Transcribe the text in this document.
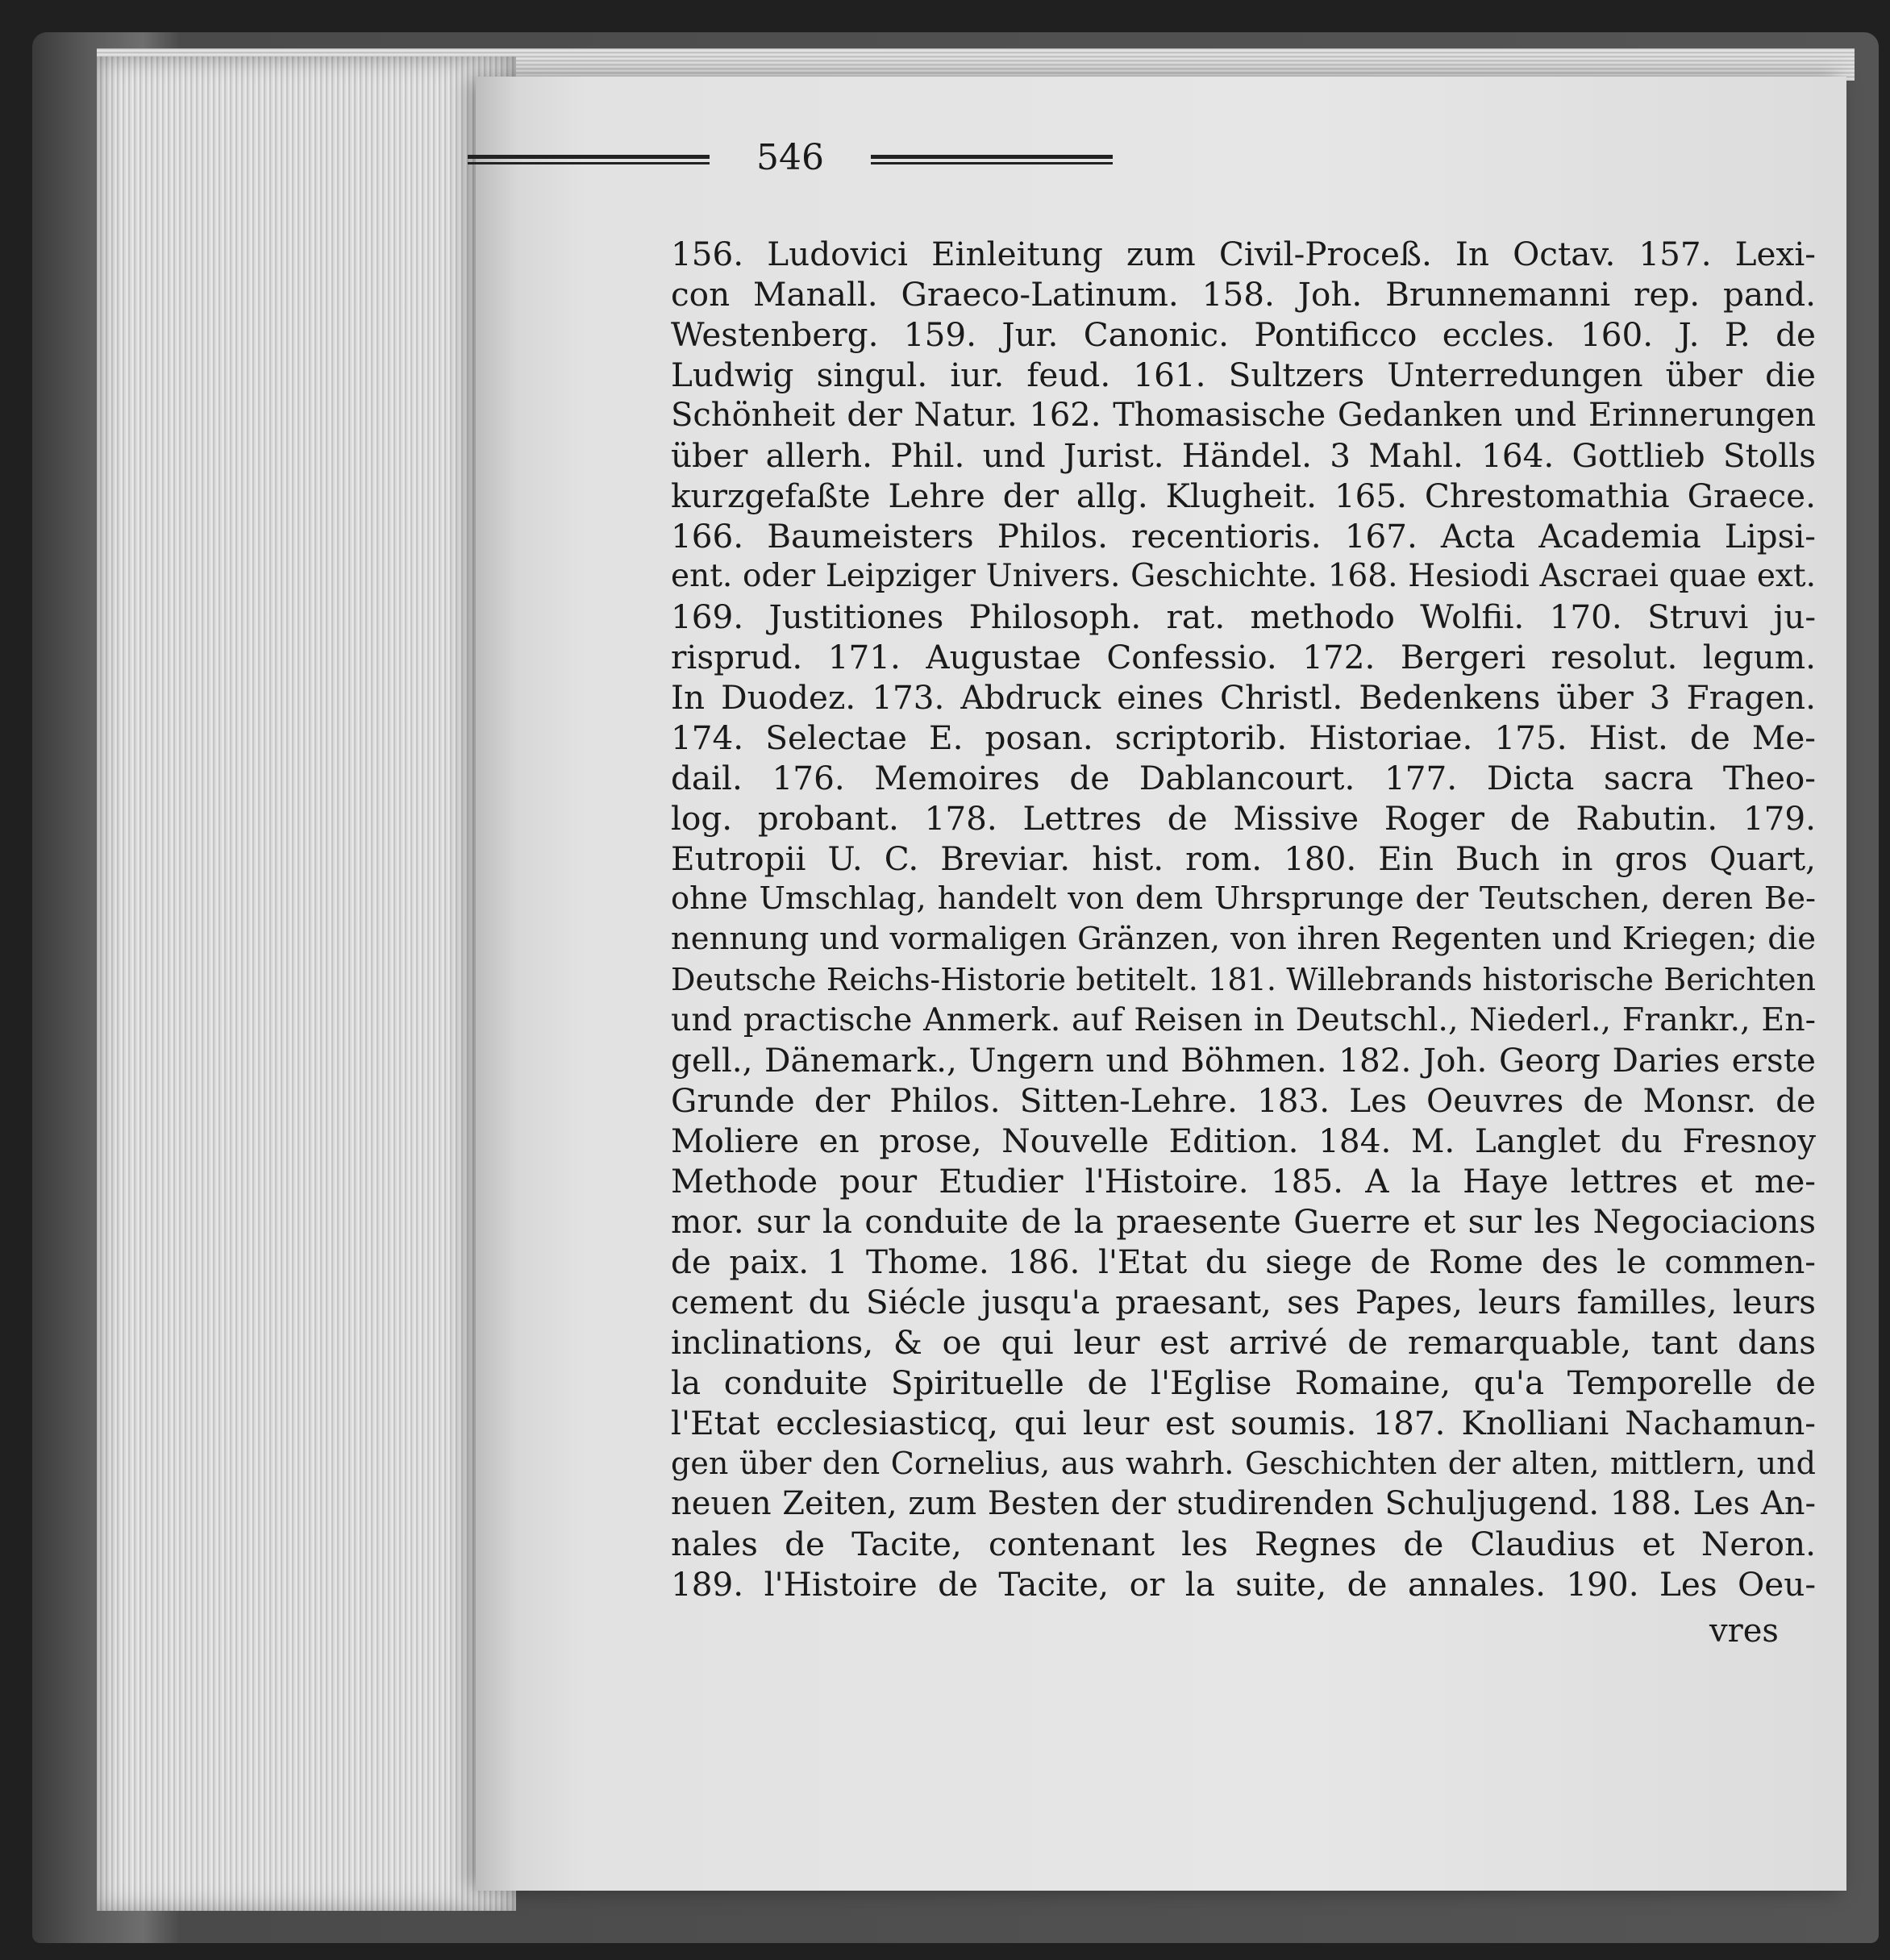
546
156. Ludovici Einleitung zum Civil-Proceß. In Octav. 157. Lexi-
con Manall. Graeco-Latinum. 158. Joh. Brunnemanni rep. pand.
Westenberg. 159. Jur. Canonic. Pontificco eccles. 160. J. P. de
Ludwig singul. iur. feud. 161. Sultzers Unterredungen über die
Schönheit der Natur. 162. Thomasische Gedanken und Erinnerungen
über allerh. Phil. und Jurist. Händel. 3 Mahl. 164. Gottlieb Stolls
kurzgefaßte Lehre der allg. Klugheit. 165. Chrestomathia Graece.
166. Baumeisters Philos. recentioris. 167. Acta Academia Lipsi-
ent. oder Leipziger Univers. Geschichte. 168. Hesiodi Ascraei quae ext.
169. Justitiones Philosoph. rat. methodo Wolfii. 170. Struvi ju-
risprud. 171. Augustae Confessio. 172. Bergeri resolut. legum.
In Duodez. 173. Abdruck eines Christl. Bedenkens über 3 Fragen.
174. Selectae E. posan. scriptorib. Historiae. 175. Hist. de Me-
dail. 176. Memoires de Dablancourt. 177. Dicta sacra Theo-
log. probant. 178. Lettres de Missive Roger de Rabutin. 179.
Eutropii U. C. Breviar. hist. rom. 180. Ein Buch in gros Quart,
ohne Umschlag, handelt von dem Uhrsprunge der Teutschen, deren Be-
nennung und vormaligen Gränzen, von ihren Regenten und Kriegen; die
Deutsche Reichs-Historie betitelt. 181. Willebrands historische Berichten
und practische Anmerk. auf Reisen in Deutschl., Niederl., Frankr., En-
gell., Dänemark., Ungern und Böhmen. 182. Joh. Georg Daries erste
Grunde der Philos. Sitten-Lehre. 183. Les Oeuvres de Monsr. de
Moliere en prose, Nouvelle Edition. 184. M. Langlet du Fresnoy
Methode pour Etudier l'Histoire. 185. A la Haye lettres et me-
mor. sur la conduite de la praesente Guerre et sur les Negociacions
de paix. 1 Thome. 186. l'Etat du siege de Rome des le commen-
cement du Siécle jusqu'a praesant, ses Papes, leurs familles, leurs
inclinations, & oe qui leur est arrivé de remarquable, tant dans
la conduite Spirituelle de l'Eglise Romaine, qu'a Temporelle de
l'Etat ecclesiasticq, qui leur est soumis. 187. Knolliani Nachamun-
gen über den Cornelius, aus wahrh. Geschichten der alten, mittlern, und
neuen Zeiten, zum Besten der studirenden Schuljugend. 188. Les An-
nales de Tacite, contenant les Regnes de Claudius et Neron.
189. l'Histoire de Tacite, or la suite, de annales. 190. Les Oeu-
vres
